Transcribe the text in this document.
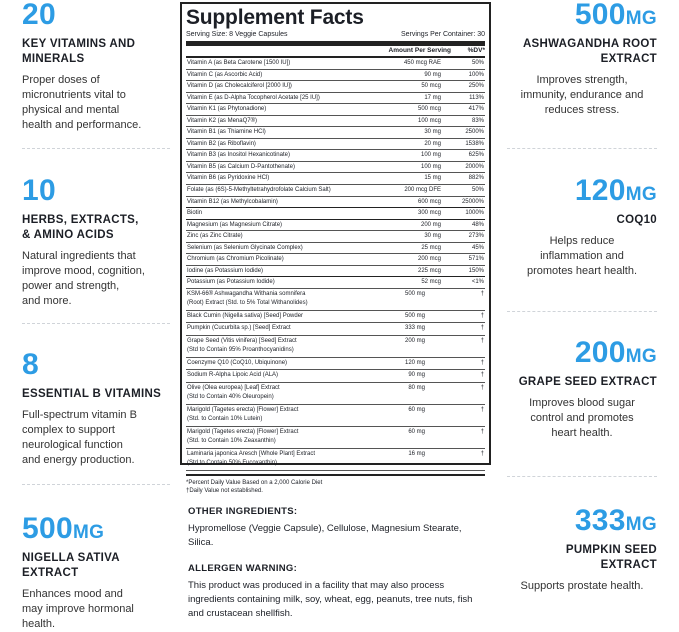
20
KEY VITAMINS AND
MINERALS
Proper doses of
micronutrients vital to
physical and mental
health and performance.
10
HERBS, EXTRACTS,
& AMINO ACIDS
Natural ingredients that
improve mood, cognition,
power and strength,
and more.
8
ESSENTIAL B VITAMINS
Full-spectrum vitamin B
complex to support
neurological function
and energy production.
500MG
NIGELLA SATIVA
EXTRACT
Enhances mood and
may improve hormonal
health.
500MG
ASHWAGANDHA ROOT
EXTRACT
Improves strength,
immunity, endurance and
reduces stress.
120MG
COQ10
Helps reduce
inflammation and
promotes heart health.
200MG
GRAPE SEED EXTRACT
Improves blood sugar
control and promotes
heart health.
333MG
PUMPKIN SEED
EXTRACT
Supports prostate health.
Supplement Facts
Serving Size: 8 Veggie Capsules	Servings Per Container: 30
Amount Per Serving	%DV*
Vitamin A (as Beta Carotene [1500 IU])	450 mcg RAE	50%
Vitamin C (as Ascorbic Acid)	90 mg	100%
Vitamin D (as Cholecalciferol [2000 IU])	50 mcg	250%
Vitamin E (as D-Alpha Tocopherol Acetate [25 IU])	17 mg	113%
Vitamin K1 (as Phytonadione)	500 mcg	417%
Vitamin K2 (as MenaQ7®)	100 mcg	83%
Vitamin B1 (as Thiamine HCl)	30 mg	2500%
Vitamin B2 (as Riboflavin)	20 mg	1538%
Vitamin B3 (as Inositol Hexanicotinate)	100 mg	625%
Vitamin B5 (as Calcium D-Pantothenate)	100 mg	2000%
Vitamin B6 (as Pyridoxine HCl)	15 mg	882%
Folate (as (6S)-5-Methyltetrahydrofolate Calcium Salt)	200 mcg DFE	50%
Vitamin B12 (as Methylcobalamin)	600 mcg	25000%
Biotin	300 mcg	1000%
Magnesium (as Magnesium Citrate)	200 mg	48%
Zinc (as Zinc Citrate)	30 mg	273%
Selenium (as Selenium Glycinate Complex)	25 mcg	45%
Chromium (as Chromium Picolinate)	200 mcg	571%
Iodine (as Potassium Iodide)	225 mcg	150%
Potassium (as Potassium Iodide)	52 mcg	<1%
KSM-66® Ashwagandha Withania somnifera
(Root) Extract (Std. to 5% Total Withanolides)
500 mg	†
Black Cumin (Nigella sativa) [Seed] Powder	500 mg	†
Pumpkin (Cucurbita sp.) [Seed] Extract	333 mg	†
Grape Seed (Vitis vinifera) [Seed] Extract
(Std to Contain 95% Proanthocyanidins)
200 mg	†
Coenzyme Q10 (CoQ10, Ubiquinone)	120 mg	†
Sodium R-Alpha Lipoic Acid (ALA)	90 mg	†
Olive (Olea europea) [Leaf] Extract
(Std to Contain 40% Oleuropein)
80 mg	†
Marigold (Tagetes erecta) [Flower] Extract
(Std. to Contain 10% Lutein)
60 mg	†
Marigold (Tagetes erecta) [Flower] Extract
(Std. to Contain 10% Zeaxanthin)
60 mg	†
Laminaria japonica Aresch [Whole Plant] Extract
(Std to Contain 50% Fucoxanthin)
16 mg	†
*Percent Daily Value Based on a 2,000 Calorie Diet
†Daily Value not established.
OTHER INGREDIENTS:
Hypromellose (Veggie Capsule), Cellulose, Magnesium Stearate, Silica.
ALLERGEN WARNING:
This product was produced in a facility that may also process ingredients containing milk, soy, wheat, egg, peanuts, tree nuts, fish and crustacean shellfish.
